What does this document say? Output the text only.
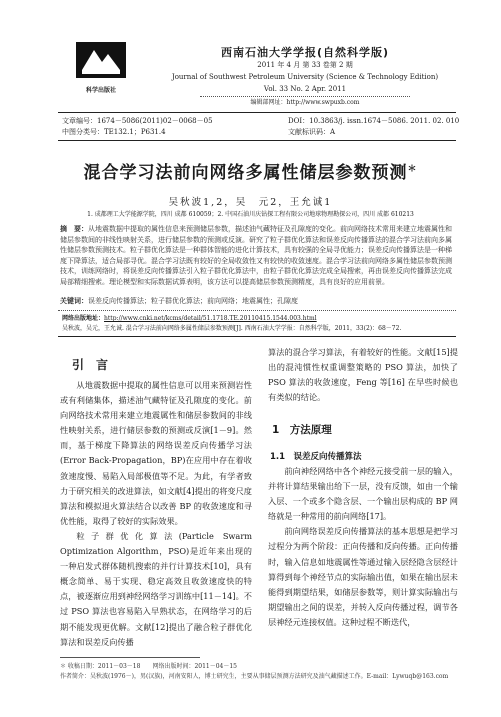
科学出版社
西南石油大学学报(自然科学版)
2011 年 4 月 第 33 卷第 2 期
Journal of Southwest Petroleum University (Science & Technology Edition)
Vol. 33 No. 2 Apr. 2011
编辑部网址：http://www.swpuxb.com
文章编号：1674－5086(2011)02－0068－05	DOI：10.3863/j. issn.1674－5086. 2011. 02. 010
中图分类号：TE132.1；P631.4	文献标识码：A
混合学习法前向网络多属性储层参数预测＊
吴秋波1,2，吴　元2，王允诚1
1. 成都理工大学能源学院，四川 成都 610059；2. 中国石油川庆钻探工程有限公司地球物理勘探公司，四川 成都 610213
摘　要：从地震数据中提取的属性信息来预测储层参数，描述油气藏特征及孔隙度的变化。前向网络技术常用来建立地震属性和储层参数间的非线性映射关系，进行储层参数的预测或反演。研究了粒子群优化算法和误差反向传播算法的混合学习法前向多属性储层参数预测技术。粒子群优化算法是一种群体智能的进化计算技术，具有较强的全局寻优能力；误差反向传播算法是一种梯度下降算法，适合局部寻优。混合学习法既有较好的全局收敛性又有较快的收敛速度。混合学习法前向网络多属性储层参数预测技术，训练网络时，将误差反向传播算法引入粒子群优化算法中，由粒子群优化算法完成全局搜索，再由误差反向传播算法完成局部精细搜索。理论模型和实际数据试算表明，该方法可以提高储层参数预测精度，具有良好的应用前景。
关键词：误差反向传播算法；粒子群优化算法；前向网络；地震属性；孔隙度
网络出版地址：http://www.cnki.net/kcms/detail/51.1718.TE.20110415.1544.003.html
吴秋波，吴元，王允诚. 混合学习法前向网络多属性储层参数预测[J]. 西南石油大学学报：自然科学版，2011，33(2)：68－72.
引　言
从地震数据中提取的属性信息可以用来预测岩性或有利储集体，描述油气藏特征及孔隙度的变化。前向网络技术常用来建立地震属性和储层参数间的非线性映射关系，进行储层参数的预测或反演[1－9]。然而，基于梯度下降算法的网络误差反向传播学习法(Error Back-Propagation，BP)在应用中存在着收敛速度慢、易陷入局部极值等不足。为此，有学者致力于研究相关的改进算法，如文献[4]提出的将变尺度算法和模拟退火算法结合以改善 BP 的收敛速度和寻优性能，取得了较好的实际效果。
粒子群优化算法(Particle Swarm Optimization Algorithm，PSO)是近年来出现的一种启发式群体随机搜索的并行计算技术[10]，具有概念简单、易于实现、稳定高效且收敛速度快的特点，被逐渐应用到神经网络学习训练中[11－14]。不过 PSO 算法也容易陷入早熟状态，在网络学习的后期不能发现更优解。文献[12]提出了融合粒子群优化算法和误差反向传播
算法的混合学习算法，有着较好的性能。文献[15]提出的混沌惯性权重调整策略的 PSO 算法，加快了 PSO 算法的收敛速度，Feng 等[16] 在早些时候也有类似的结论。
1　方法原理
1.1　误差反向传播算法
前向神经网络中各个神经元接受前一层的输入，并将计算结果输出给下一层，没有反馈，如由一个输入层、一个或多个隐含层、一个输出层构成的 BP 网络就是一种常用的前向网络[17]。
前向网络误差反向传播算法的基本思想是把学习过程分为两个阶段：正向传播和反向传播。正向传播时，输入信息如地震属性等通过输入层经隐含层经计算得到每个神经节点的实际输出值，如果在输出层未能得到期望结果，如储层参数等，则计算实际输出与期望输出之间的误差，并转入反向传播过程，调节各层神经元连接权值。这种过程不断迭代，
＊ 收稿日期：2011－03－18　　网络出版时间：2011－04－15
作者简介：吴秋波(1976－)，男(汉族)，河南安阳人，博士研究生，主要从事储层预测方法研究及油气藏描述工作。E-mail：Lywuqb@163.com
